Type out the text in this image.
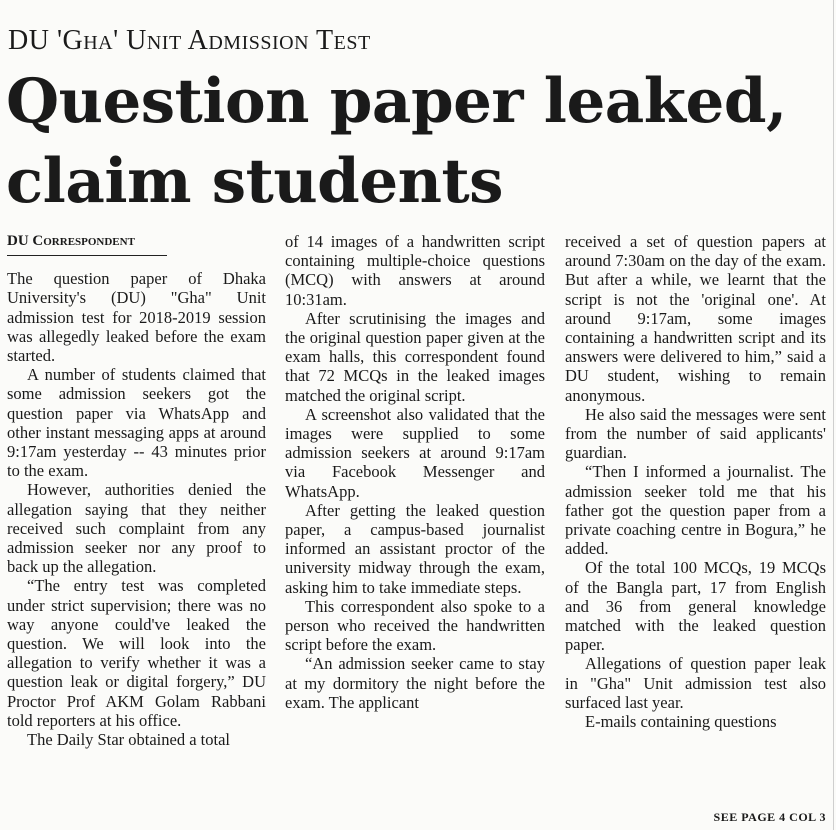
DU 'Gha' Unit Admission Test
Question paper leaked,
claim students
DU Correspondent

The question paper of Dhaka University's (DU) "Gha" Unit admission test for 2018-2019 session was allegedly leaked before the exam started.

A number of students claimed that some admission seekers got the question paper via WhatsApp and other instant messaging apps at around 9:17am yesterday -- 43 minutes prior to the exam.

However, authorities denied the allegation saying that they neither received such complaint from any admission seeker nor any proof to back up the allegation.

“The entry test was completed under strict supervision; there was no way anyone could've leaked the question. We will look into the allegation to verify whether it was a question leak or digital forgery,” DU Proctor Prof AKM Golam Rabbani told reporters at his office.

The Daily Star obtained a total

of 14 images of a handwritten script containing multiple-choice questions (MCQ) with answers at around 10:31am.

After scrutinising the images and the original question paper given at the exam halls, this correspondent found that 72 MCQs in the leaked images matched the original script.

A screenshot also validated that the images were supplied to some admission seekers at around 9:17am via Facebook Messenger and WhatsApp.

After getting the leaked question paper, a campus-based journalist informed an assistant proctor of the university midway through the exam, asking him to take immediate steps.

This correspondent also spoke to a person who received the handwritten script before the exam.

“An admission seeker came to stay at my dormitory the night before the exam. The applicant

received a set of question papers at around 7:30am on the day of the exam. But after a while, we learnt that the script is not the 'original one'. At around 9:17am, some images containing a handwritten script and its answers were delivered to him,” said a DU student, wishing to remain anonymous.

He also said the messages were sent from the number of said applicants' guardian.

“Then I informed a journalist. The admission seeker told me that his father got the question paper from a private coaching centre in Bogura,” he added.

Of the total 100 MCQs, 19 MCQs of the Bangla part, 17 from English and 36 from general knowledge matched with the leaked question paper.

Allegations of question paper leak in "Gha" Unit admission test also surfaced last year.

E-mails containing questions

SEE PAGE 4 COL 3
